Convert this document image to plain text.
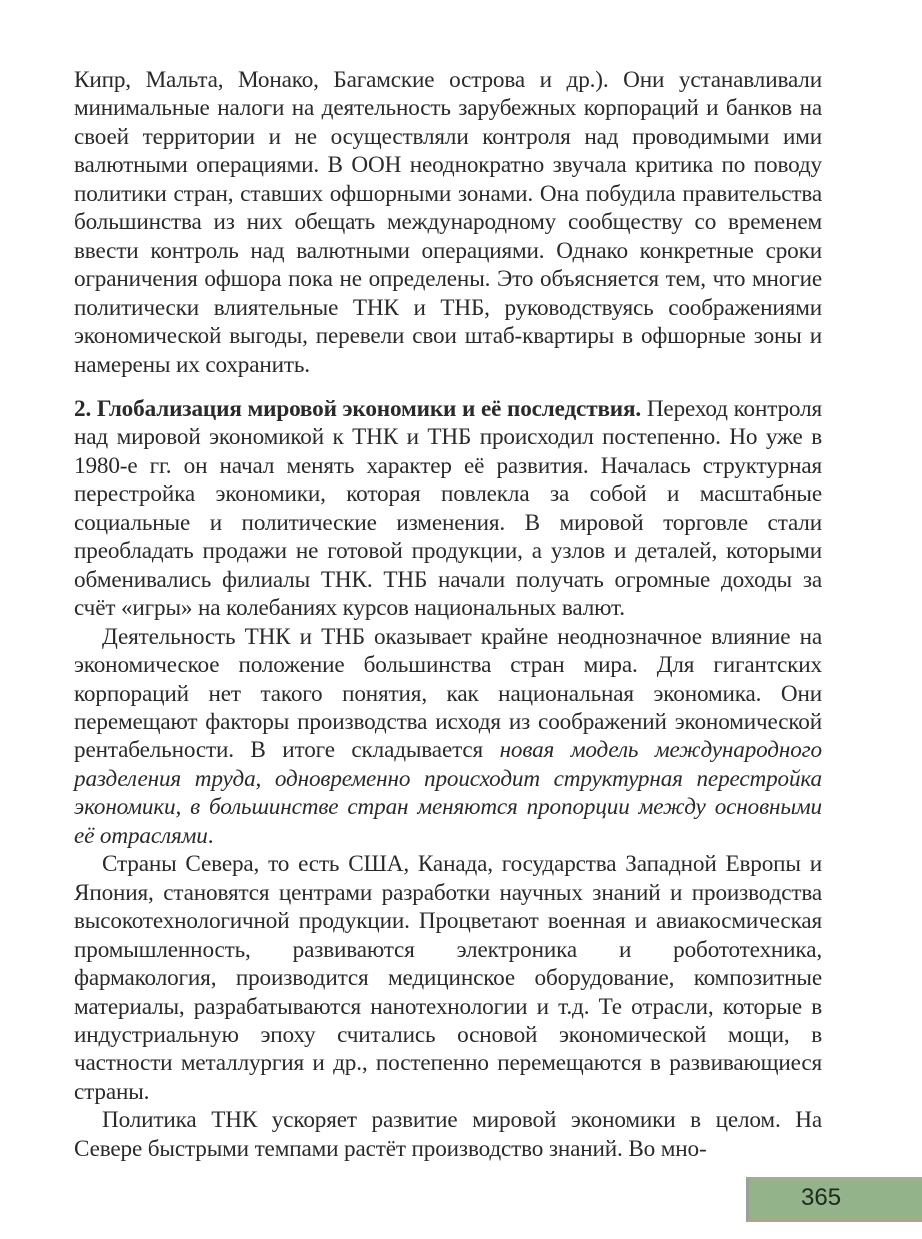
Кипр, Мальта, Монако, Багамские острова и др.). Они устанавливали минимальные налоги на деятельность зарубежных корпораций и банков на своей территории и не осуществляли контроля над проводимыми ими валютными операциями. В ООН неоднократно звучала критика по поводу политики стран, ставших офшорными зонами. Она побудила правительства большинства из них обещать международному сообществу со временем ввести контроль над валютными операциями. Однако конкретные сроки ограничения офшора пока не определены. Это объясняется тем, что многие политически влиятельные ТНК и ТНБ, руководствуясь соображениями экономической выгоды, перевели свои штаб-квартиры в офшорные зоны и намерены их сохранить.

2. Глобализация мировой экономики и её последствия. Переход контроля над мировой экономикой к ТНК и ТНБ происходил постепенно. Но уже в 1980-е гг. он начал менять характер её развития. Началась структурная перестройка экономики, которая повлекла за собой и масштабные социальные и политические изменения. В мировой торговле стали преобладать продажи не готовой продукции, а узлов и деталей, которыми обменивались филиалы ТНК. ТНБ начали получать огромные доходы за счёт «игры» на колебаниях курсов национальных валют.

Деятельность ТНК и ТНБ оказывает крайне неоднозначное влияние на экономическое положение большинства стран мира. Для гигантских корпораций нет такого понятия, как национальная экономика. Они перемещают факторы производства исходя из соображений экономической рентабельности. В итоге складывается новая модель международного разделения труда, одновременно происходит структурная перестройка экономики, в большинстве стран меняются пропорции между основными её отраслями.

Страны Севера, то есть США, Канада, государства Западной Европы и Япония, становятся центрами разработки научных знаний и производства высокотехнологичной продукции. Процветают военная и авиакосмическая промышленность, развиваются электроника и робототехника, фармакология, производится медицинское оборудование, композитные материалы, разрабатываются нанотехнологии и т.д. Те отрасли, которые в индустриальную эпоху считались основой экономической мощи, в частности металлургия и др., постепенно перемещаются в развивающиеся страны.

Политика ТНК ускоряет развитие мировой экономики в целом. На Севере быстрыми темпами растёт производство знаний. Во мно-

365
